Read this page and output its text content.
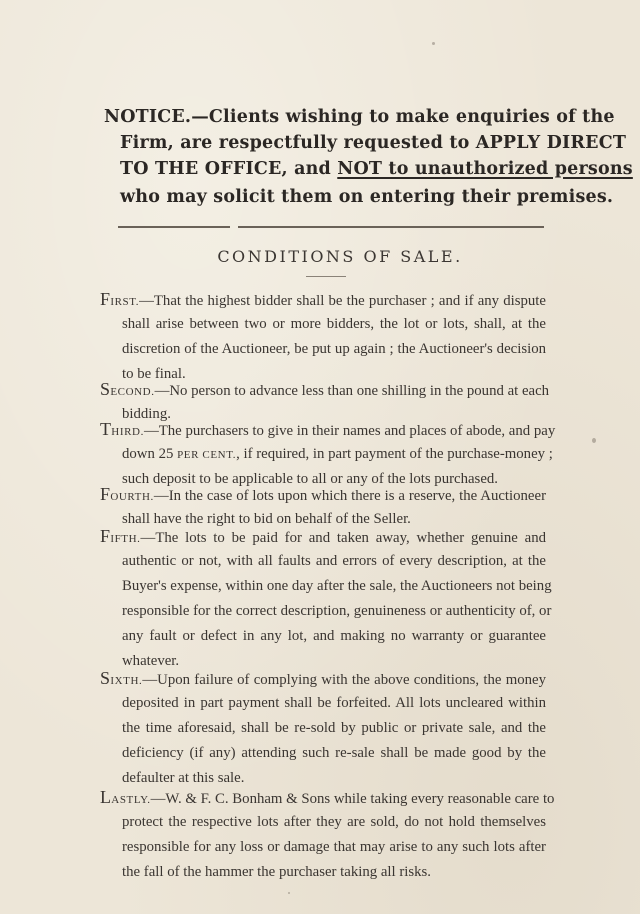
NOTICE.—Clients wishing to make enquiries of the
Firm, are respectfully requested to APPLY DIRECT
TO THE OFFICE, and NOT to unauthorized persons
who may solicit them on entering their premises.
CONDITIONS OF SALE.
FIRST.—That the highest bidder shall be the purchaser ; and if any dispute
shall arise between two or more bidders, the lot or lots, shall, at the
discretion of the Auctioneer, be put up again ; the Auctioneer's decision
to be final.
SECOND.—No person to advance less than one shilling in the pound at each
bidding.
THIRD.—The purchasers to give in their names and places of abode, and pay
down 25 PER CENT., if required, in part payment of the purchase-money ;
such deposit to be applicable to all or any of the lots purchased.
FOURTH.—In the case of lots upon which there is a reserve, the Auctioneer
shall have the right to bid on behalf of the Seller.
FIFTH.—The lots to be paid for and taken away, whether genuine and
authentic or not, with all faults and errors of every description, at the
Buyer's expense, within one day after the sale, the Auctioneers not being
responsible for the correct description, genuineness or authenticity of, or
any fault or defect in any lot, and making no warranty or guarantee
whatever.
SIXTH.—Upon failure of complying with the above conditions, the money
deposited in part payment shall be forfeited. All lots uncleared within
the time aforesaid, shall be re-sold by public or private sale, and the
deficiency (if any) attending such re-sale shall be made good by the
defaulter at this sale.
LASTLY.—W. & F. C. Bonham & Sons while taking every reasonable care to
protect the respective lots after they are sold, do not hold themselves
responsible for any loss or damage that may arise to any such lots after
the fall of the hammer the purchaser taking all risks.
